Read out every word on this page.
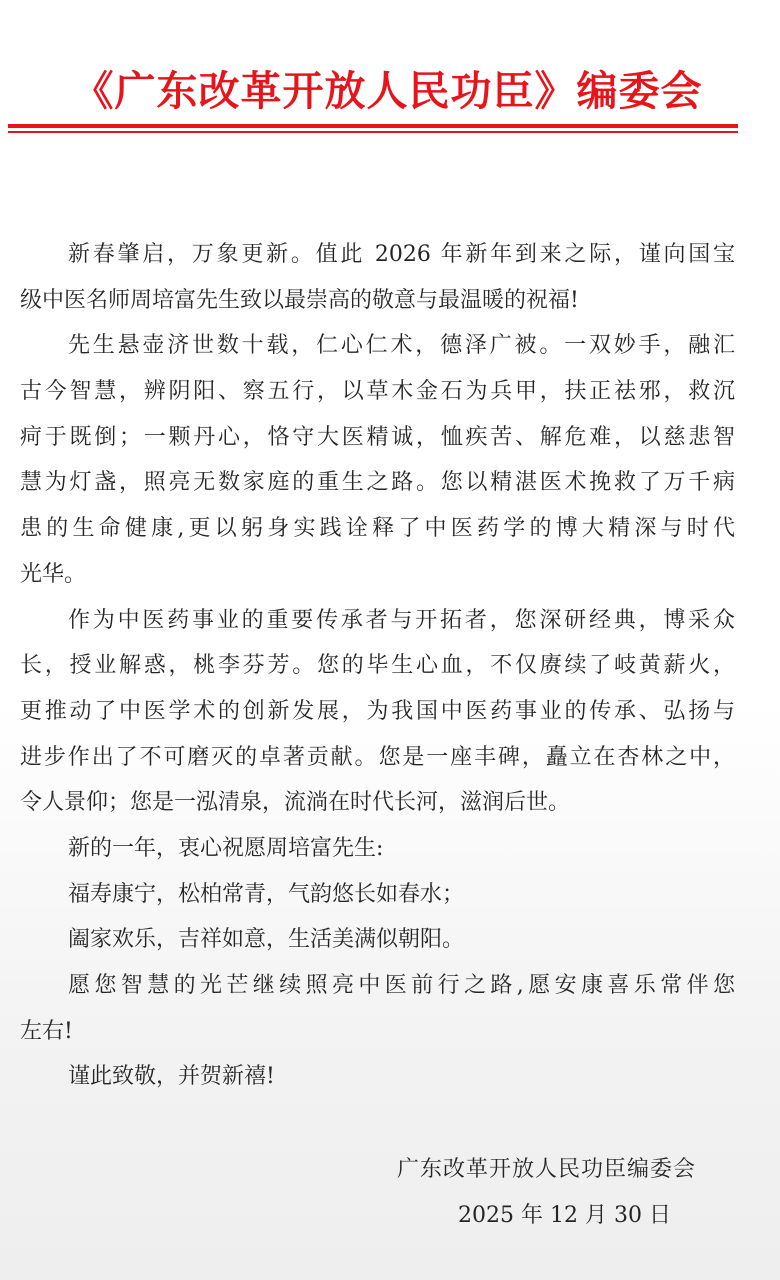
《广东改革开放人民功臣》编委会
新春肇启，万象更新。值此 2026 年新年到来之际，谨向国宝
级中医名师周培富先生致以最崇高的敬意与最温暖的祝福!
先生悬壶济世数十载，仁心仁术，德泽广被。一双妙手，融汇
古今智慧，辨阴阳、察五行，以草木金石为兵甲，扶正祛邪，救沉
疴于既倒；一颗丹心，恪守大医精诚，恤疾苦、解危难，以慈悲智
慧为灯盏，照亮无数家庭的重生之路。您以精湛医术挽救了万千病
患的生命健康,更以躬身实践诠释了中医药学的博大精深与时代
光华。
作为中医药事业的重要传承者与开拓者，您深研经典，博采众
长，授业解惑，桃李芬芳。您的毕生心血，不仅赓续了岐黄薪火，
更推动了中医学术的创新发展，为我国中医药事业的传承、弘扬与
进步作出了不可磨灭的卓著贡献。您是一座丰碑，矗立在杏林之中，
令人景仰；您是一泓清泉，流淌在时代长河，滋润后世。
新的一年，衷心祝愿周培富先生:
福寿康宁，松柏常青，气韵悠长如春水；
阖家欢乐，吉祥如意，生活美满似朝阳。
愿您智慧的光芒继续照亮中医前行之路,愿安康喜乐常伴您
左右!
谨此致敬，并贺新禧!
广东改革开放人民功臣编委会
2025 年 12 月 30 日
